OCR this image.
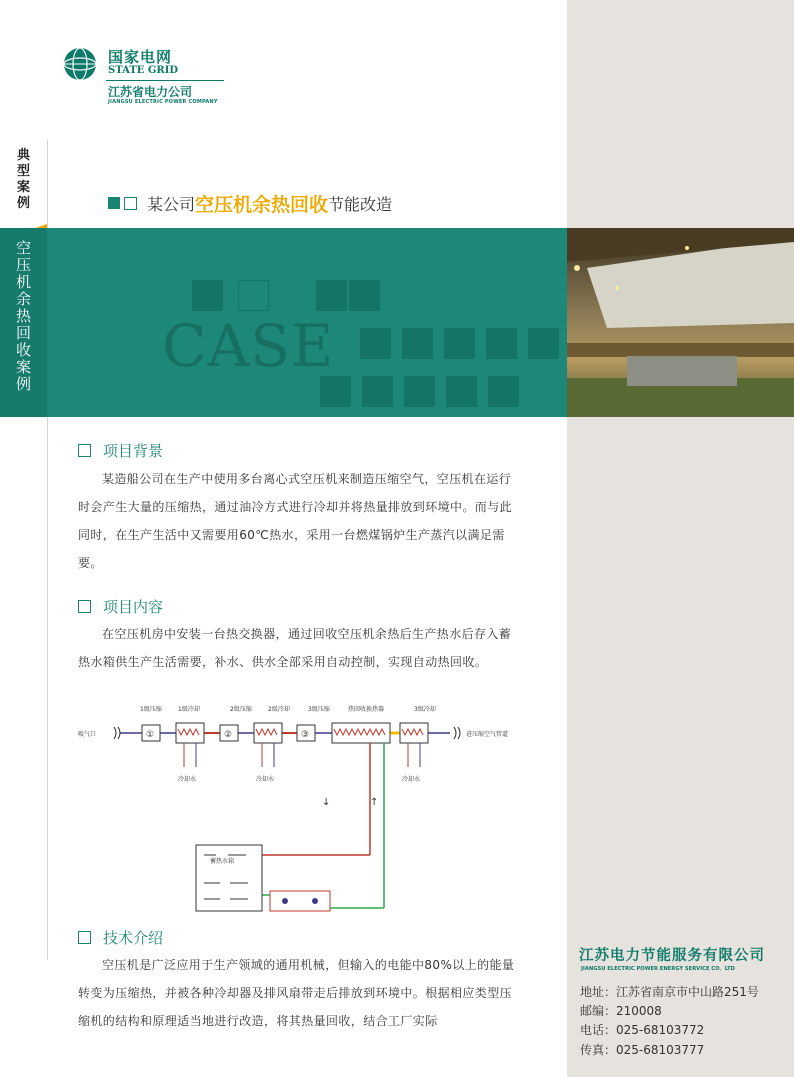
国家电网
STATE GRID
江苏省电力公司
JIANGSU ELECTRIC POWER COMPANY
典
型
案
例	某公司 空压机余热回收 节能改造
CASE
空
压
机
余
热
回
收
案
例
项目背景
某造船公司在生产中使用多台离心式空压机来制造压缩空气，空压机在运行时会产生大量的压缩热，通过油冷方式进行冷却并将热量排放到环境中。而与此同时，在生产生活中又需要用60℃热水，采用一台燃煤锅炉生产蒸汽以满足需要。
项目内容
在空压机房中安装一台热交换器，通过回收空压机余热后生产热水后存入蓄热水箱供生产生活需要，补水、供水全部采用自动控制，实现自动热回收。
吸气口	①	②	③	进压缩空气管道
1级压缩	1级冷却	2级压缩	2级冷却	3级压缩	热回收换热器	3级冷却
冷却水	冷却水	冷却水
↓	↑
蓄热水箱
技术介绍
空压机是广泛应用于生产领域的通用机械，但输入的电能中80%以上的能量转变为压缩热，并被各种冷却器及排风扇带走后排放到环境中。根据相应类型压缩机的结构和原理适当地进行改造，将其热量回收，结合工厂实际
江苏电力节能服务有限公司
JIANGSU ELECTRIC POWER ENERGY SERVICE CO．LTD
地址：江苏省南京市中山路251号
邮编：210008
电话：025-68103772
传真：025-68103777
